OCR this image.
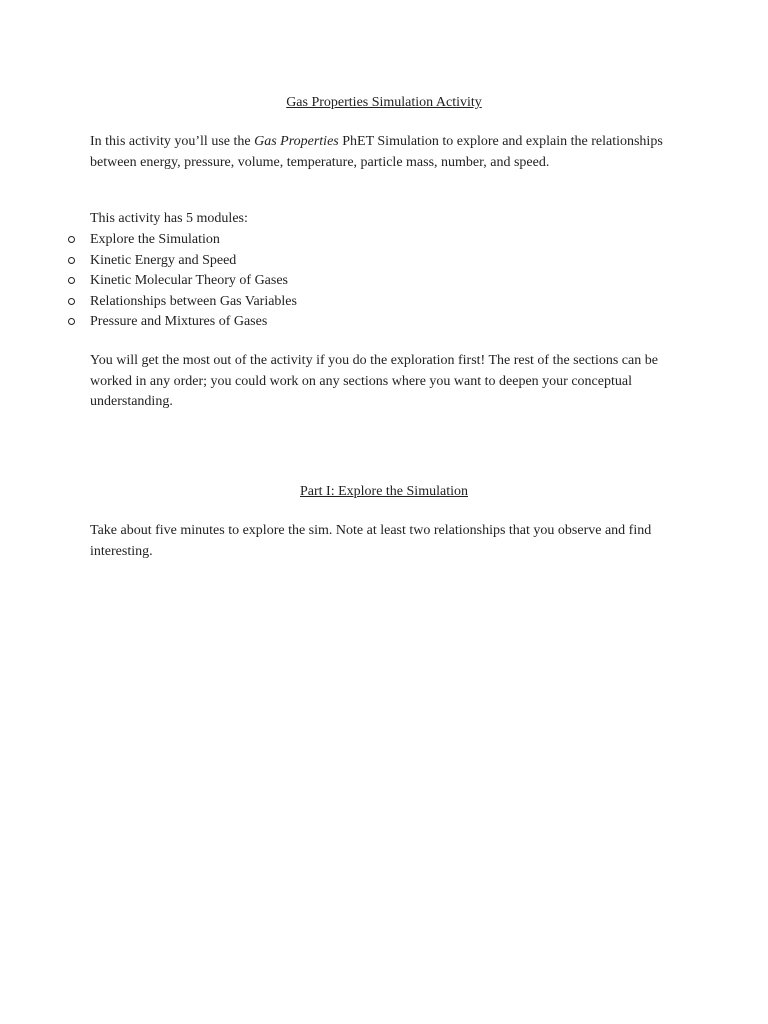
Gas Properties Simulation Activity

In this activity you’ll use the Gas Properties PhET Simulation to explore and explain the relationships between energy, pressure, volume, temperature, particle mass, number, and speed.

This activity has 5 modules:

Explore the Simulation
Kinetic Energy and Speed
Kinetic Molecular Theory of Gases
Relationships between Gas Variables
Pressure and Mixtures of Gases

You will get the most out of the activity if you do the exploration first! The rest of the sections can be worked in any order; you could work on any sections where you want to deepen your conceptual understanding.

Part I: Explore the Simulation

Take about five minutes to explore the sim. Note at least two relationships that you observe and find interesting.
